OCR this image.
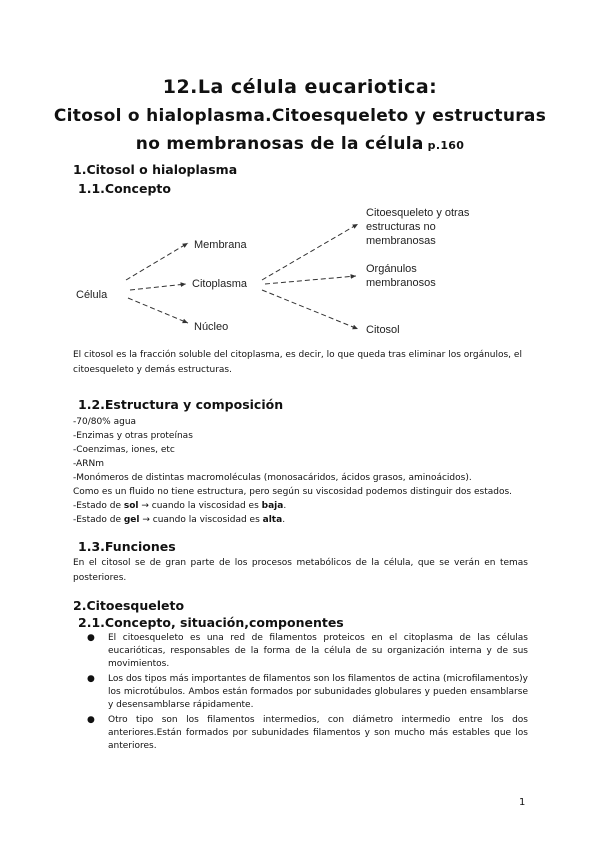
12.La célula eucariotica:
Citosol o hialoplasma.Citoesqueleto y estructuras
no membranosas de la célula p.160
1.Citosol o hialoplasma
1.1.Concepto
Célula
Membrana
Citoplasma
Núcleo
Citoesqueleto y otras
estructuras no
membranosas
Orgánulos
membranosos
Citosol
El citosol es la fracción soluble del citoplasma, es decir, lo que queda tras eliminar los orgánulos, el citoesqueleto y demás estructuras.
1.2.Estructura y composición
-70/80% agua
-Enzimas y otras proteínas
-Coenzimas, iones, etc
-ARNm
-Monómeros de distintas macromoléculas (monosacáridos, ácidos grasos, aminoácidos).
Como es un fluido no tiene estructura, pero según su viscosidad podemos distinguir dos estados.
-Estado de sol → cuando la viscosidad es baja.
-Estado de gel → cuando la viscosidad es alta.
1.3.Funciones
En el citosol se de gran parte de los procesos metabólicos de la célula, que se verán en temas posteriores.
2.Citoesqueleto
2.1.Concepto, situación,componentes
● El citoesqueleto es una red de filamentos proteicos en el citoplasma de las células eucarióticas, responsables de la forma de la célula de su organización interna y de sus movimientos.
● Los dos tipos más importantes de filamentos son los filamentos de actina (microfilamentos)y los microtúbulos. Ambos están formados por subunidades globulares y pueden ensamblarse y desensamblarse rápidamente.
● Otro tipo son los filamentos intermedios, con diámetro intermedio entre los dos anteriores.Están formados por subunidades filamentos y son mucho más estables que los anteriores.
1
